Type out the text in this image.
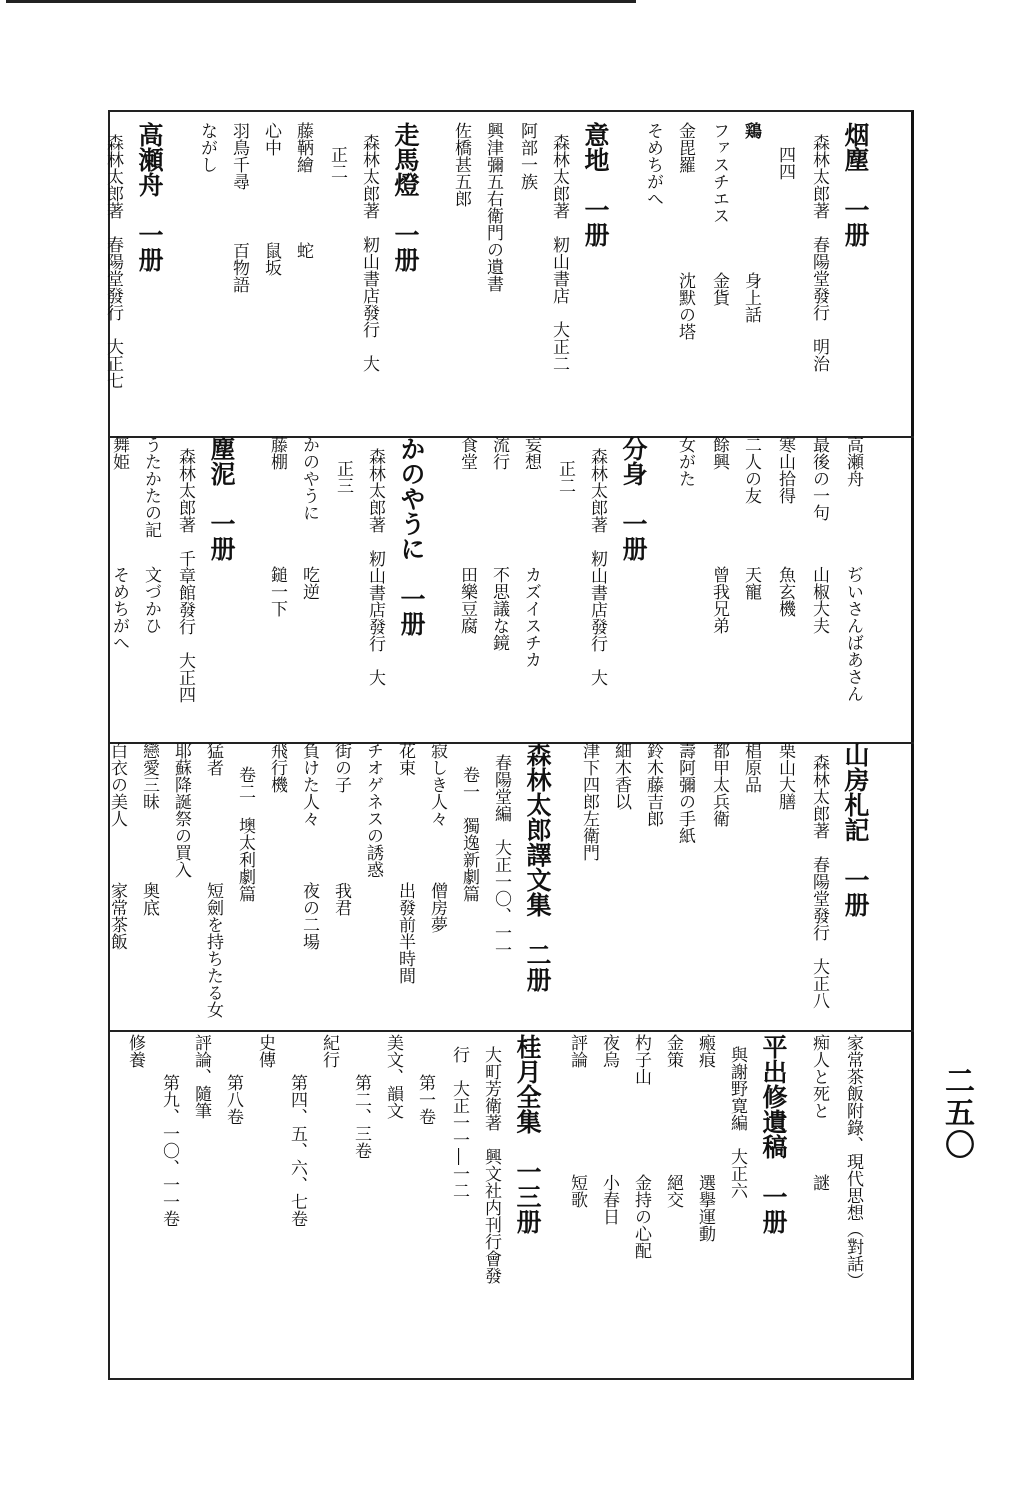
二五〇
烟塵　一册
森林太郎著　春陽堂發行　明治
四四
鶏
身上話
ファスチエス
金貨
金毘羅
沈默の塔
そめちがへ
意地　一册
森林太郎著　籾山書店　大正二
阿部一族
興津彌五右衛門の遺書
佐橋甚五郎
走馬燈　一册
森林太郎著　籾山書店發行　大
正二
藤鞆繪
蛇
心中
鼠坂
羽鳥千尋
百物語
ながし
高瀬舟　一册
森林太郎著　春陽堂發行　大正七
高瀬舟
ぢいさんばあさん
最後の一句
山椒大夫
寒山拾得
魚玄機
二人の友
天寵
餘興
曾我兄弟
女がた
分身　一册
森林太郎著　籾山書店發行　大
正二
妄想
カズイスチカ
流行
不思議な鏡
食堂
田樂豆腐
かのやうに　一册
森林太郎著　籾山書店發行　大
正三
かのやうに
吃逆
藤棚
鎚一下
塵泥　一册
森林太郎著　千章館發行　大正四
うたかたの記
文づかひ
舞姫
そめちがへ
山房札記　一册
森林太郎著　春陽堂發行　大正八
栗山大膳
椙原品
都甲太兵衛
壽阿彌の手紙
鈴木藤吉郎
細木香以
津下四郎左衛門
森林太郎譯文集　二册
春陽堂編　大正一〇、一一
卷一　獨逸新劇篇
寂しき人々
僧房夢
花束
出發前半時間
チオゲネスの誘惑
街の子
我君
負けた人々
夜の二場
飛行機
卷二　墺太利劇篇
猛者
短劍を持ちたる女
耶蘇降誕祭の買入
戀愛三昧
奥底
白衣の美人
家常茶飯
家常茶飯附錄、現代思想（對話）
痴人と死と
謎
平出修遺稿　一册
與謝野寛編　大正六
瘢痕
選擧運動
金策
絕交
杓子山
金持の心配
夜烏
小春日
評論
短歌
桂月全集　一三册
大町芳衛著　興文社内刊行會發
行　大正一一―一二
第一卷
美文、韻文
第二、三卷
紀行
第四、五、六、七卷
史傳
第八卷
評論、隨筆
第九、一〇、一一卷
修養
